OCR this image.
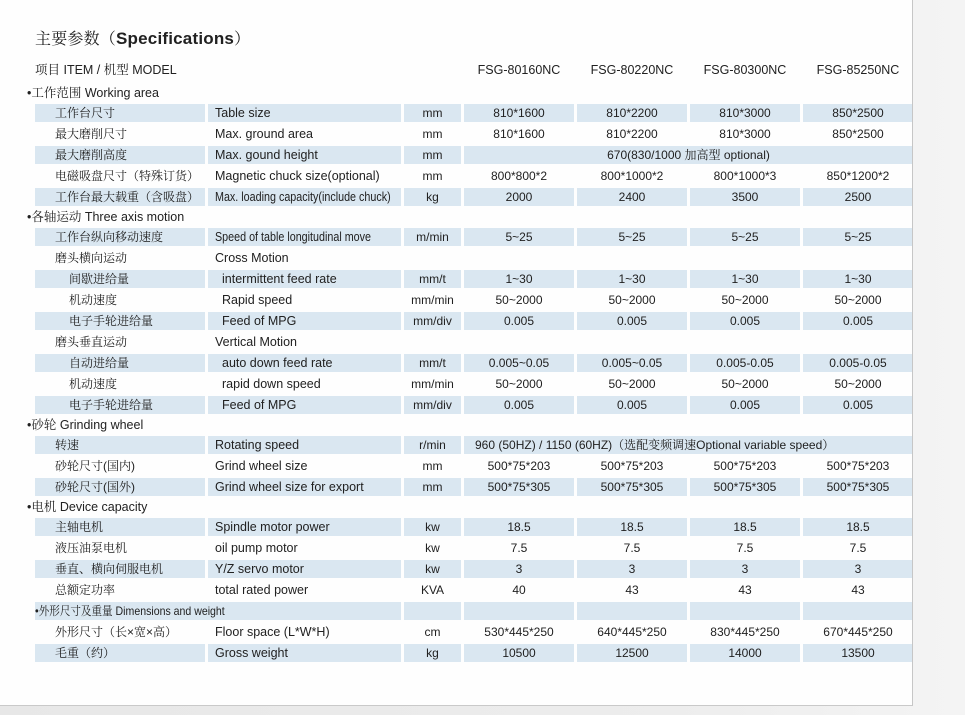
主要参数（Specifications）
项目 ITEM / 机型 MODEL	FSG-80160NC	FSG-80220NC	FSG-80300NC	FSG-85250NC
•工作范围 Working area
工作台尺寸	Table size	mm	810*1600	810*2200	810*3000	850*2500
最大磨削尺寸	Max. ground area	mm	810*1600	810*2200	810*3000	850*2500
最大磨削高度	Max. gound height	mm	670(830/1000 加高型 optional)
电磁吸盘尺寸（特殊订货）	Magnetic chuck size(optional)	mm	800*800*2	800*1000*2	800*1000*3	850*1200*2
工作台最大载重（含吸盘）	Max. loading capacity(include chuck)	kg	2000	2400	3500	2500
•各轴运动 Three axis motion
工作台纵向移动速度	Speed of table longitudinal move	m/min	5~25	5~25	5~25	5~25
磨头横向运动	Cross Motion
间歇进给量	intermittent feed rate	mm/t	1~30	1~30	1~30	1~30
机动速度	Rapid speed	mm/min	50~2000	50~2000	50~2000	50~2000
电子手轮进给量	Feed of MPG	mm/div	0.005	0.005	0.005	0.005
磨头垂直运动	Vertical Motion
自动进给量	auto down feed rate	mm/t	0.005~0.05	0.005~0.05	0.005-0.05	0.005-0.05
机动速度	rapid down speed	mm/min	50~2000	50~2000	50~2000	50~2000
电子手轮进给量	Feed of MPG	mm/div	0.005	0.005	0.005	0.005
•砂轮 Grinding wheel
转速	Rotating speed	r/min	960 (50HZ) / 1150 (60HZ)（选配变频调速Optional variable speed）
砂轮尺寸(国内)	Grind wheel size	mm	500*75*203	500*75*203	500*75*203	500*75*203
砂轮尺寸(国外)	Grind wheel size for export	mm	500*75*305	500*75*305	500*75*305	500*75*305
•电机 Device capacity
主轴电机	Spindle motor power	kw	18.5	18.5	18.5	18.5
液压油泵电机	oil pump motor	kw	7.5	7.5	7.5	7.5
垂直、横向伺服电机	Y/Z servo motor	kw	3	3	3	3
总额定功率	total rated power	KVA	40	43	43	43
•外形尺寸及重量 Dimensions and weight
外形尺寸（长×宽×高）	Floor space (L*W*H)	cm	530*445*250	640*445*250	830*445*250	670*445*250
毛重（约）	Gross weight	kg	10500	12500	14000	13500
